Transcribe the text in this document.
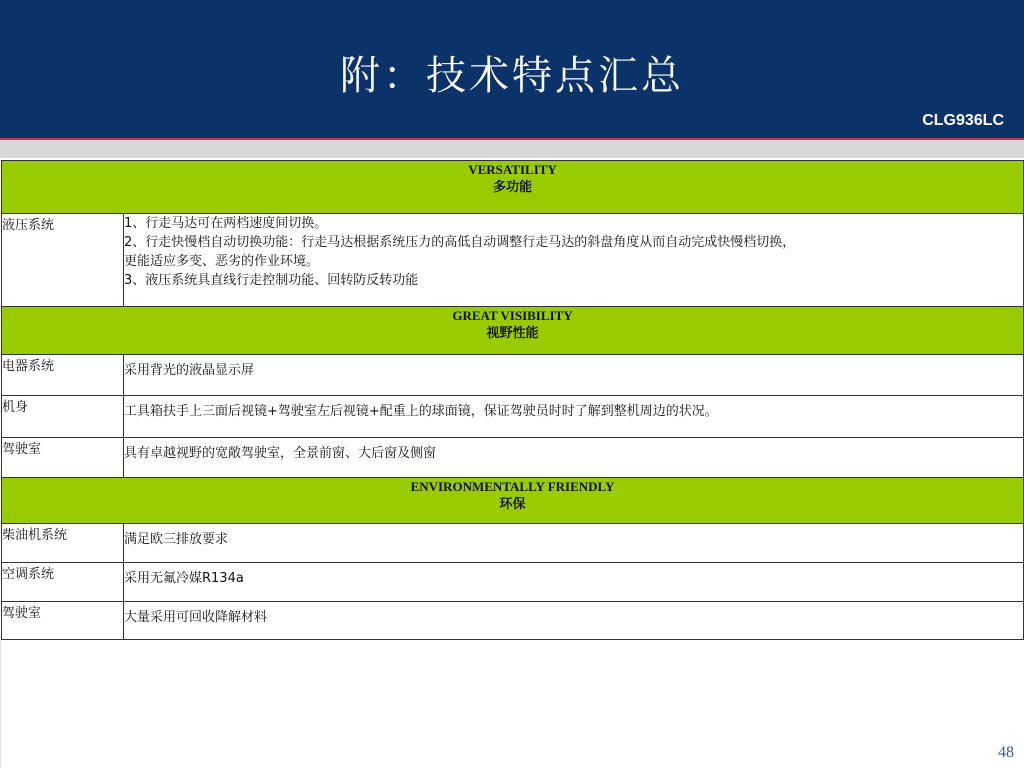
附：技术特点汇总
CLG936LC
VERSATILITY
多功能	

液压系统	1、行走马达可在两档速度间切换。
2、行走快慢档自动切换功能：行走马达根据系统压力的高低自动调整行走马达的斜盘角度从而自动完成快慢档切换，
更能适应多变、恶劣的作业环境。
3、液压系统具直线行走控制功能、回转防反转功能

GREAT VISIBILITY
视野性能	

电器系统	采用背光的液晶显示屏

机身	工具箱扶手上三面后视镜+驾驶室左后视镜+配重上的球面镜，保证驾驶员时时了解到整机周边的状况。

驾驶室	具有卓越视野的宽敞驾驶室，全景前窗、大后窗及侧窗

ENVIRONMENTALLY FRIENDLY
环保	

柴油机系统	满足欧三排放要求

空调系统	采用无氟冷媒R134a

驾驶室	大量采用可回收降解材料
48
